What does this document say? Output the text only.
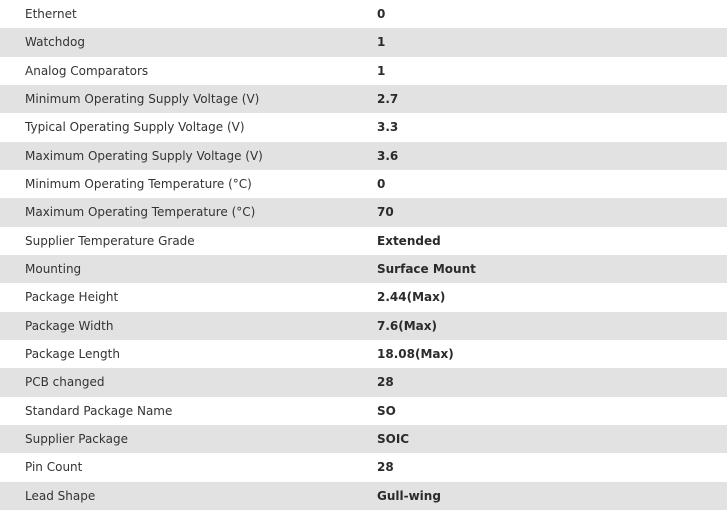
Ethernet	0
Watchdog	1
Analog Comparators	1
Minimum Operating Supply Voltage (V)	2.7
Typical Operating Supply Voltage (V)	3.3
Maximum Operating Supply Voltage (V)	3.6
Minimum Operating Temperature (°C)	0
Maximum Operating Temperature (°C)	70
Supplier Temperature Grade	Extended
Mounting	Surface Mount
Package Height	2.44(Max)
Package Width	7.6(Max)
Package Length	18.08(Max)
PCB changed	28
Standard Package Name	SO
Supplier Package	SOIC
Pin Count	28
Lead Shape	Gull-wing
